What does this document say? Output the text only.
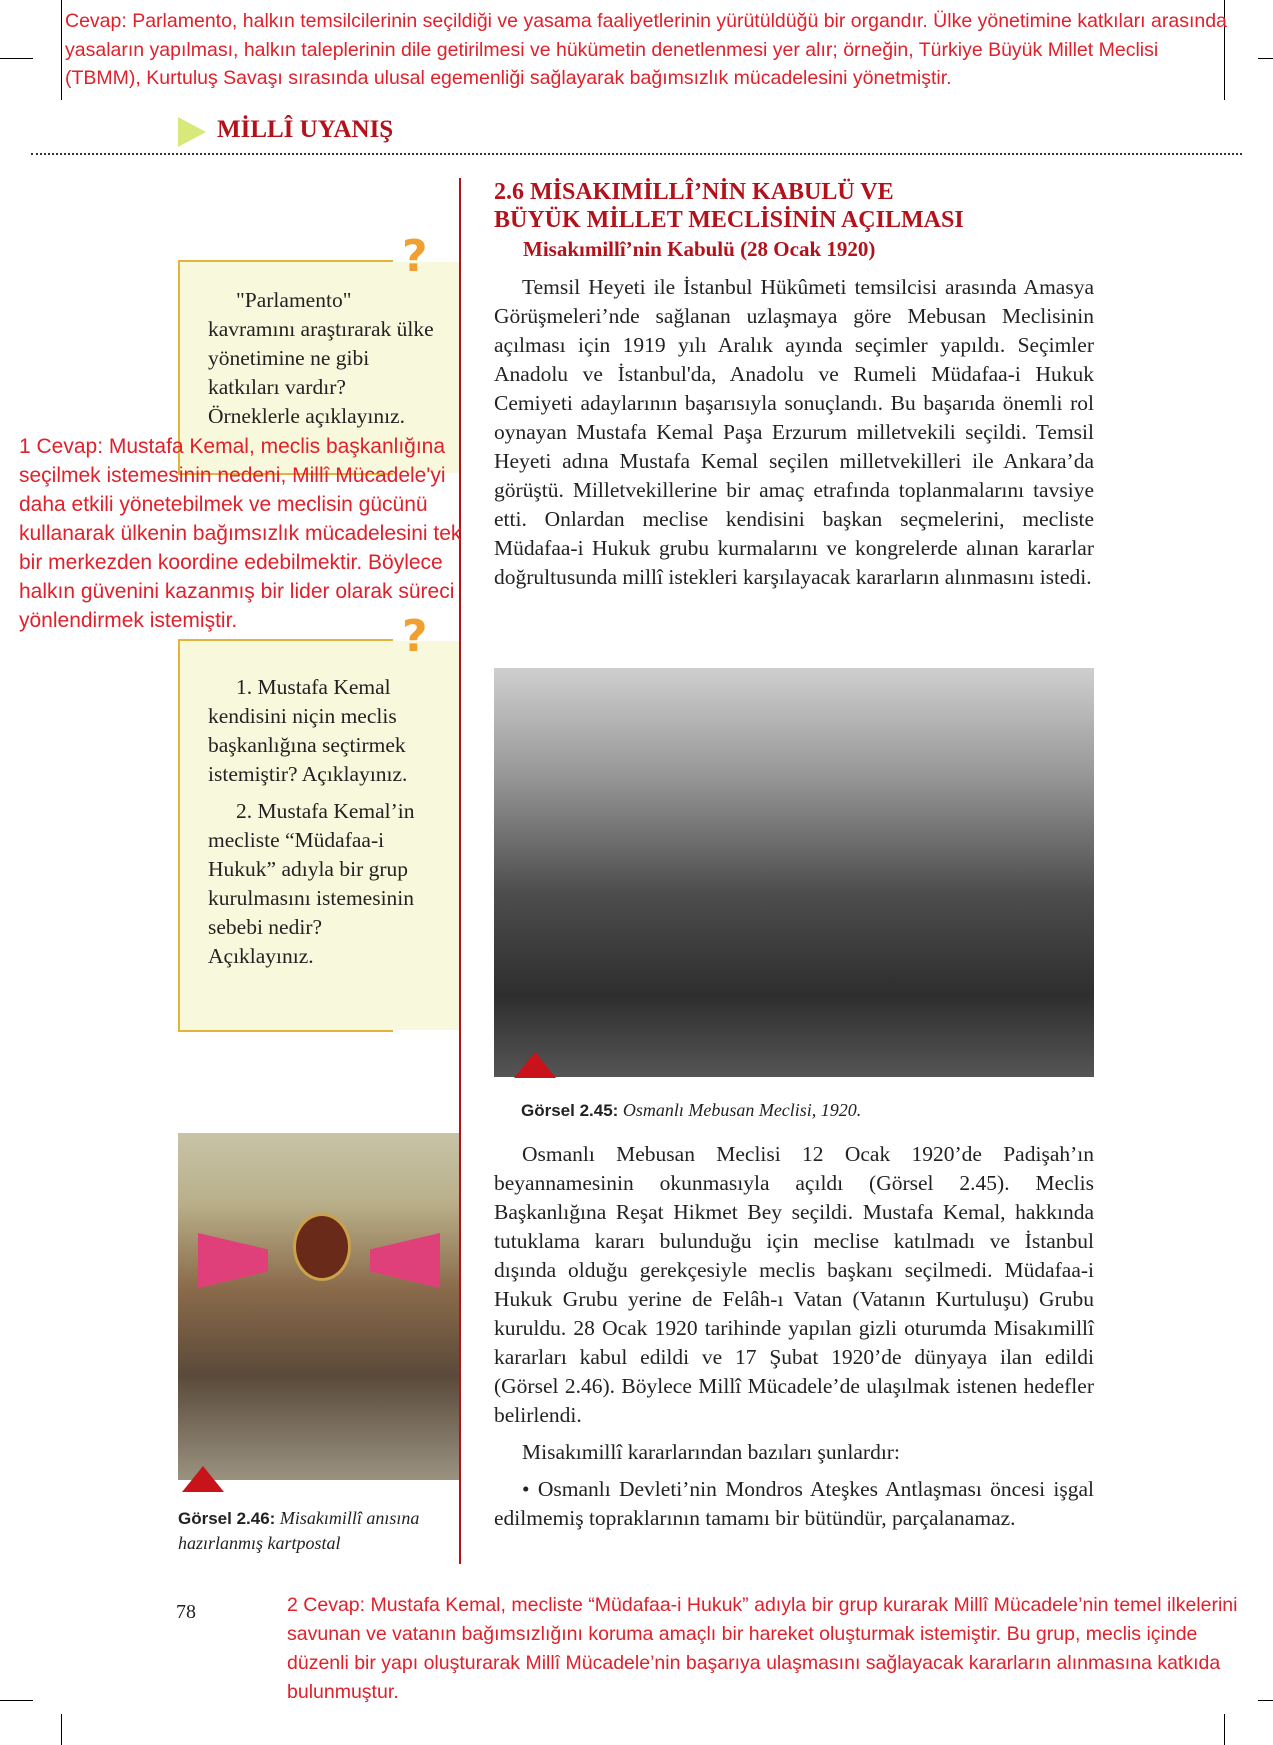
Cevap: Parlamento, halkın temsilcilerinin seçildiği ve yasama faaliyetlerinin yürütüldüğü bir organdır. Ülke yönetimine katkıları arasında yasaların yapılması, halkın taleplerinin dile getirilmesi ve hükümetin denetlenmesi yer alır; örneğin, Türkiye Büyük Millet Meclisi (TBMM), Kurtuluş Savaşı sırasında ulusal egemenliği sağlayarak bağımsızlık mücadelesini yönetmiştir.
MİLLÎ UYANIŞ
2.6 MİSAKIMİLLÎ’NİN KABULÜ VE
BÜYÜK MİLLET MECLİSİNİN AÇILMASI
Misakımillî’nin Kabulü (28 Ocak 1920)

Temsil Heyeti ile İstanbul Hükûmeti temsilcisi arasında Amasya Görüşmeleri’nde sağlanan uzlaşmaya göre Mebusan Meclisinin açılması için 1919 yılı Aralık ayında seçimler yapıldı. Seçimler Anadolu ve İstanbul'da, Anadolu ve Rumeli Müdafaa-i Hukuk Cemiyeti adaylarının başarısıyla sonuçlandı. Bu başarıda önemli rol oynayan Mustafa Kemal Paşa Erzurum milletvekili seçildi. Temsil Heyeti adına Mustafa Kemal seçilen milletvekilleri ile Ankara’da görüştü. Milletvekillerine bir amaç etrafında toplanmalarını tavsiye etti. Onlardan meclise kendisini başkan seçmelerini, mecliste Müdafaa-i Hukuk grubu kurmalarını ve kongrelerde alınan kararlar doğrultusunda millî istekleri karşılayacak kararların alınmasını istedi.

Görsel 2.45: Osmanlı Mebusan Meclisi, 1920.

Osmanlı Mebusan Meclisi 12 Ocak 1920’de Padişah’ın beyannamesinin okunmasıyla açıldı (Görsel 2.45). Meclis Başkanlığına Reşat Hikmet Bey seçildi. Mustafa Kemal, hakkında tutuklama kararı bulunduğu için meclise katılmadı ve İstanbul dışında olduğu gerekçesiyle meclis başkanı seçilmedi. Müdafaa-i Hukuk Grubu yerine de Felâh-ı Vatan (Vatanın Kurtuluşu) Grubu kuruldu. 28 Ocak 1920 tarihinde yapılan gizli oturumda Misakımillî kararları kabul edildi ve 17 Şubat 1920’de dünyaya ilan edildi (Görsel 2.46). Böylece Millî Mücadele’de ulaşılmak istenen hedefler belirlendi.

Misakımillî kararlarından bazıları şunlardır:

• Osmanlı Devleti’nin Mondros Ateşkes Antlaşması öncesi işgal edilmemiş topraklarının tamamı bir bütündür, parçalanamaz.

"Parlamento" kavramını araştırarak ülke yönetimine ne gibi katkıları vardır? Örneklerle açıklayınız.
?
1 Cevap: Mustafa Kemal, meclis başkanlığına seçilmek istemesinin nedeni, Millî Mücadele'yi daha etkili yönetebilmek ve meclisin gücünü kullanarak ülkenin bağımsızlık mücadelesini tek bir merkezden koordine edebilmektir. Böylece halkın güvenini kazanmış bir lider olarak süreci yönlendirmek istemiştir.
1. Mustafa Kemal kendisini niçin meclis başkanlığına seçtirmek istemiştir? Açıklayınız.
2. Mustafa Kemal’in mecliste “Müdafaa-i Hukuk” adıyla bir grup kurulmasını istemesinin sebebi nedir? Açıklayınız.
?
Görsel 2.46: Misakımillî anısına hazırlanmış kartpostal
78	2 Cevap: Mustafa Kemal, mecliste “Müdafaa-i Hukuk” adıyla bir grup kurarak Millî Mücadele’nin temel ilkelerini savunan ve vatanın bağımsızlığını koruma amaçlı bir hareket oluşturmak istemiştir. Bu grup, meclis içinde düzenli bir yapı oluşturarak Millî Mücadele’nin başarıya ulaşmasını sağlayacak kararların alınmasına katkıda bulunmuştur.
